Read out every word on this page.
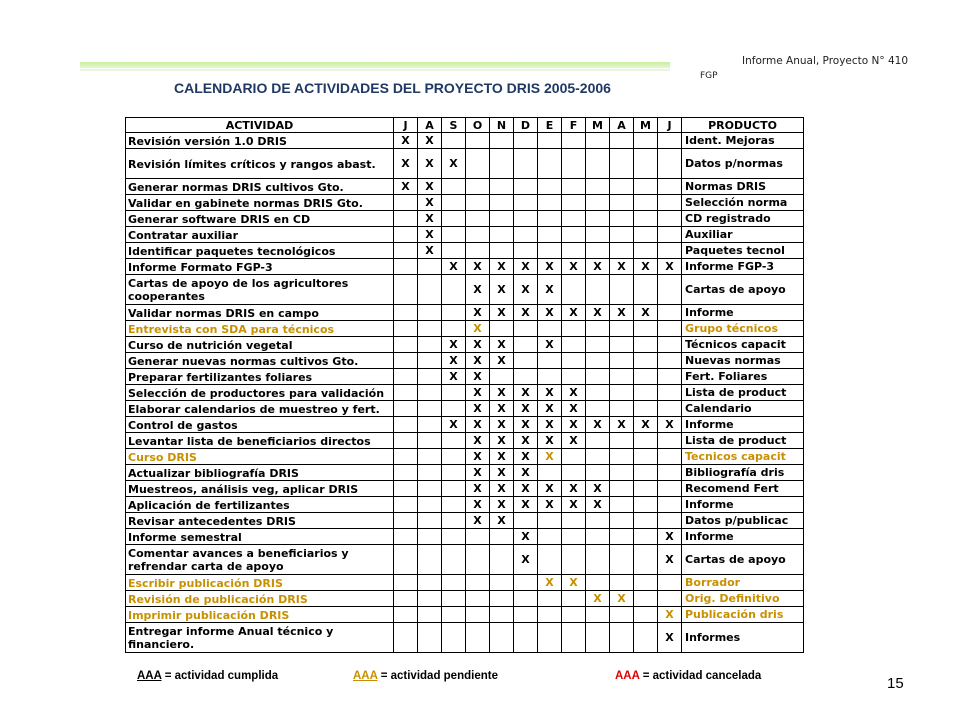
Informe Anual, Proyecto N° 410
FGP
CALENDARIO DE ACTIVIDADES DEL PROYECTO DRIS 2005-2006
ACTIVIDAD	J	A	S	O	N	D	E	F	M	A	M	J	PRODUCTO
Revisión versión 1.0 DRIS	X	X											Ident. Mejoras
Revisión límites críticos y rangos abast.	X	X	X										Datos p/normas
Generar normas DRIS cultivos Gto.	X	X											Normas DRIS
Validar en gabinete normas DRIS Gto.		X											Selección norma
Generar software DRIS en CD		X											CD registrado
Contratar auxiliar		X											Auxiliar
Identificar paquetes tecnológicos		X											Paquetes tecnol
Informe Formato FGP-3			X	X	X	X	X	X	X	X	X	X	Informe FGP-3
Cartas de apoyo de los agricultores cooperantes				X	X	X	X						Cartas de apoyo
Validar normas DRIS en campo				X	X	X	X	X	X	X	X		Informe
Entrevista con SDA para técnicos				X									Grupo técnicos
Curso de nutrición vegetal			X	X	X		X						Técnicos capacit
Generar nuevas normas cultivos Gto.			X	X	X								Nuevas normas
Preparar fertilizantes foliares			X	X									Fert. Foliares
Selección de productores para validación				X	X	X	X	X					Lista de product
Elaborar calendarios de muestreo y fert.				X	X	X	X	X					Calendario
Control de gastos			X	X	X	X	X	X	X	X	X	X	Informe
Levantar lista de beneficiarios directos				X	X	X	X	X					Lista de product
Curso DRIS				X	X	X	X						Tecnicos capacit
Actualizar bibliografía DRIS				X	X	X							Bibliografía dris
Muestreos, análisis veg, aplicar DRIS				X	X	X	X	X	X				Recomend Fert
Aplicación de fertilizantes				X	X	X	X	X	X				Informe
Revisar antecedentes DRIS				X	X								Datos p/publicac
Informe semestral						X						X	Informe
Comentar avances a beneficiarios y refrendar carta de apoyo						X						X	Cartas de apoyo
Escribir publicación DRIS							X	X					Borrador
Revisión de publicación DRIS									X	X			Orig. Definitivo
Imprimir publicación DRIS												X	Publicación dris
Entregar informe Anual técnico y financiero.												X	Informes
AAA = actividad cumplida	AAA = actividad pendiente	AAA = actividad cancelada	15
